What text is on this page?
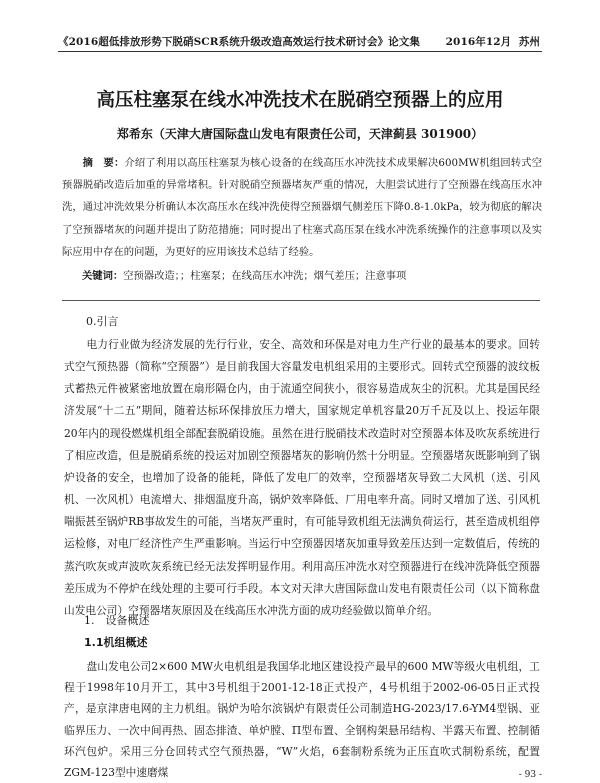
《2016超低排放形势下脱硝SCR系统升级改造高效运行技术研讨会》论文集 2016年12月 苏州
高压柱塞泵在线水冲洗技术在脱硝空预器上的应用
郑希东（天津大唐国际盘山发电有限责任公司，天津蓟县 301900）
摘　要：介绍了利用以高压柱塞泵为核心设备的在线高压水冲洗技术成果解决600MW机组回转式空预器脱硝改造后加重的异常堵积。针对脱硝空预器堵灰严重的情况，大胆尝试进行了空预器在线高压水冲洗，通过冲洗效果分析确认本次高压水在线冲洗使得空预器烟气侧差压下降0.8-1.0kPa，较为彻底的解决了空预器堵灰的问题并提出了防范措施；同时提出了柱塞式高压泵在线水冲洗系统操作的注意事项以及实际应用中存在的问题，为更好的应用该技术总结了经验。
关键词：空预器改造；；柱塞泵；在线高压水冲洗；烟气差压；注意事项
0.引言
电力行业做为经济发展的先行行业，安全、高效和环保是对电力生产行业的最基本的要求。回转式空气预热器（简称“空预器”）是目前我国大容量发电机组采用的主要形式。回转式空预器的波纹板式蓄热元件被紧密地放置在扇形隔仓内，由于流通空间狭小，很容易造成灰尘的沉积。尤其是国民经济发展“十二五”期间，随着达标环保排放压力增大，国家规定单机容量20万千瓦及以上、投运年限20年内的现役燃煤机组全部配套脱硝设施。虽然在进行脱硝技术改造时对空预器本体及吹灰系统进行了相应改造，但是脱硝系统的投运对加剧空预器堵灰的影响仍然十分明显。空预器堵灰既影响到了锅炉设备的安全，也增加了设备的能耗，降低了发电厂的效率，空预器堵灰导致二大风机（送、引风机、一次风机）电流增大、排烟温度升高，锅炉效率降低、厂用电率升高。同时又增加了送、引风机喘振甚至锅炉RB事故发生的可能，当堵灰严重时，有可能导致机组无法满负荷运行，甚至造成机组停运检修，对电厂经济性产生严重影响。当运行中空预器因堵灰加重导致差压达到一定数值后，传统的蒸汽吹灰或声波吹灰系统已经无法发挥明显作用。利用高压冲洗水对空预器进行在线冲洗降低空预器差压成为不停炉在线处理的主要可行手段。本文对天津大唐国际盘山发电有限责任公司（以下简称盘山发电公司）空预器堵灰原因及在线高压水冲洗方面的成功经验做以简单介绍。
1.　设备概述
1.1机组概述
盘山发电公司2×600 MW火电机组是我国华北地区建设投产最早的600 MW等级火电机组，工程于1998年10月开工，其中3号机组于2001-12-18正式投产，4号机组于2002-06-05日正式投产，是京津唐电网的主力机组。锅炉为哈尔滨锅炉有限责任公司制造HG-2023/17.6-YM4型锅、亚临界压力、一次中间再热、固态排渣、单炉膛、Π型布置、全钢构架悬吊结构、半露天布置、控制循环汽包炉。采用三分仓回转式空气预热器，“W”火焰，6套制粉系统为正压直吹式制粉系统，配置ZGM-123型中速磨煤	- 93 -
